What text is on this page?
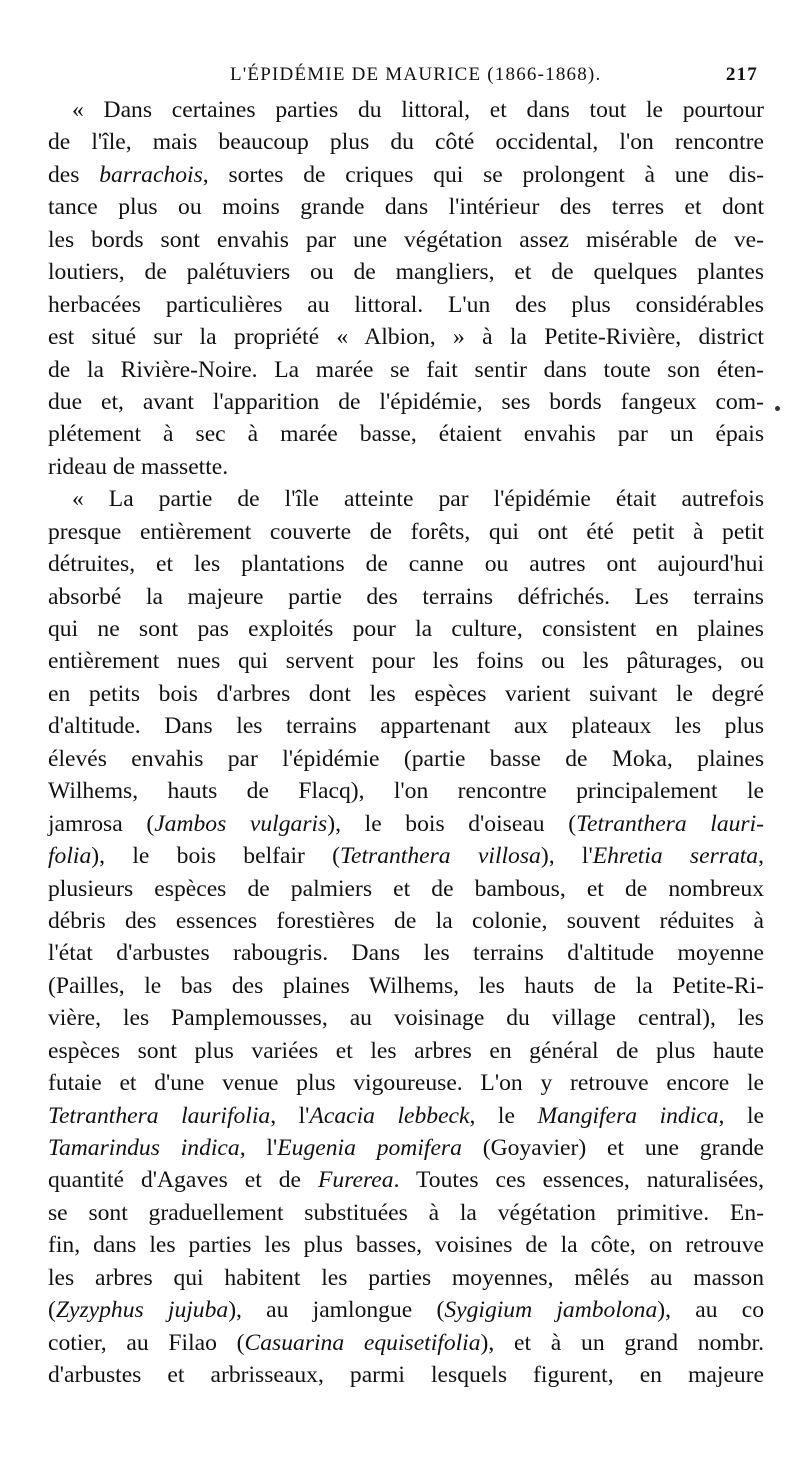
L'ÉPIDÉMIE DE MAURICE (1866-1868).	217
« Dans certaines parties du littoral, et dans tout le pourtour
de l'île, mais beaucoup plus du côté occidental, l'on rencontre
des barrachois, sortes de criques qui se prolongent à une dis-
tance plus ou moins grande dans l'intérieur des terres et dont
les bords sont envahis par une végétation assez misérable de ve-
loutiers, de palétuviers ou de mangliers, et de quelques plantes
herbacées particulières au littoral. L'un des plus considérables
est situé sur la propriété « Albion, » à la Petite-Rivière, district
de la Rivière-Noire. La marée se fait sentir dans toute son éten-
due et, avant l'apparition de l'épidémie, ses bords fangeux com-
plétement à sec à marée basse, étaient envahis par un épais
rideau de massette.
« La partie de l'île atteinte par l'épidémie était autrefois
presque entièrement couverte de forêts, qui ont été petit à petit
détruites, et les plantations de canne ou autres ont aujourd'hui
absorbé la majeure partie des terrains défrichés. Les terrains
qui ne sont pas exploités pour la culture, consistent en plaines
entièrement nues qui servent pour les foins ou les pâturages, ou
en petits bois d'arbres dont les espèces varient suivant le degré
d'altitude. Dans les terrains appartenant aux plateaux les plus
élevés envahis par l'épidémie (partie basse de Moka, plaines
Wilhems, hauts de Flacq), l'on rencontre principalement le
jamrosa (Jambos vulgaris), le bois d'oiseau (Tetranthera lauri-
folia), le bois belfair (Tetranthera villosa), l'Ehretia serrata,
plusieurs espèces de palmiers et de bambous, et de nombreux
débris des essences forestières de la colonie, souvent réduites à
l'état d'arbustes rabougris. Dans les terrains d'altitude moyenne
(Pailles, le bas des plaines Wilhems, les hauts de la Petite-Ri-
vière, les Pamplemousses, au voisinage du village central), les
espèces sont plus variées et les arbres en général de plus haute
futaie et d'une venue plus vigoureuse. L'on y retrouve encore le
Tetranthera laurifolia, l'Acacia lebbeck, le Mangifera indica, le
Tamarindus indica, l'Eugenia pomifera (Goyavier) et une grande
quantité d'Agaves et de Furerea. Toutes ces essences, naturalisées,
se sont graduellement substituées à la végétation primitive. En-
fin, dans les parties les plus basses, voisines de la côte, on retrouve
les arbres qui habitent les parties moyennes, mêlés au masson
(Zyzyphus jujuba), au jamlongue (Sygigium jambolona), au co
cotier, au Filao (Casuarina equisetifolia), et à un grand nombr.
d'arbustes et arbrisseaux, parmi lesquels figurent, en majeure
